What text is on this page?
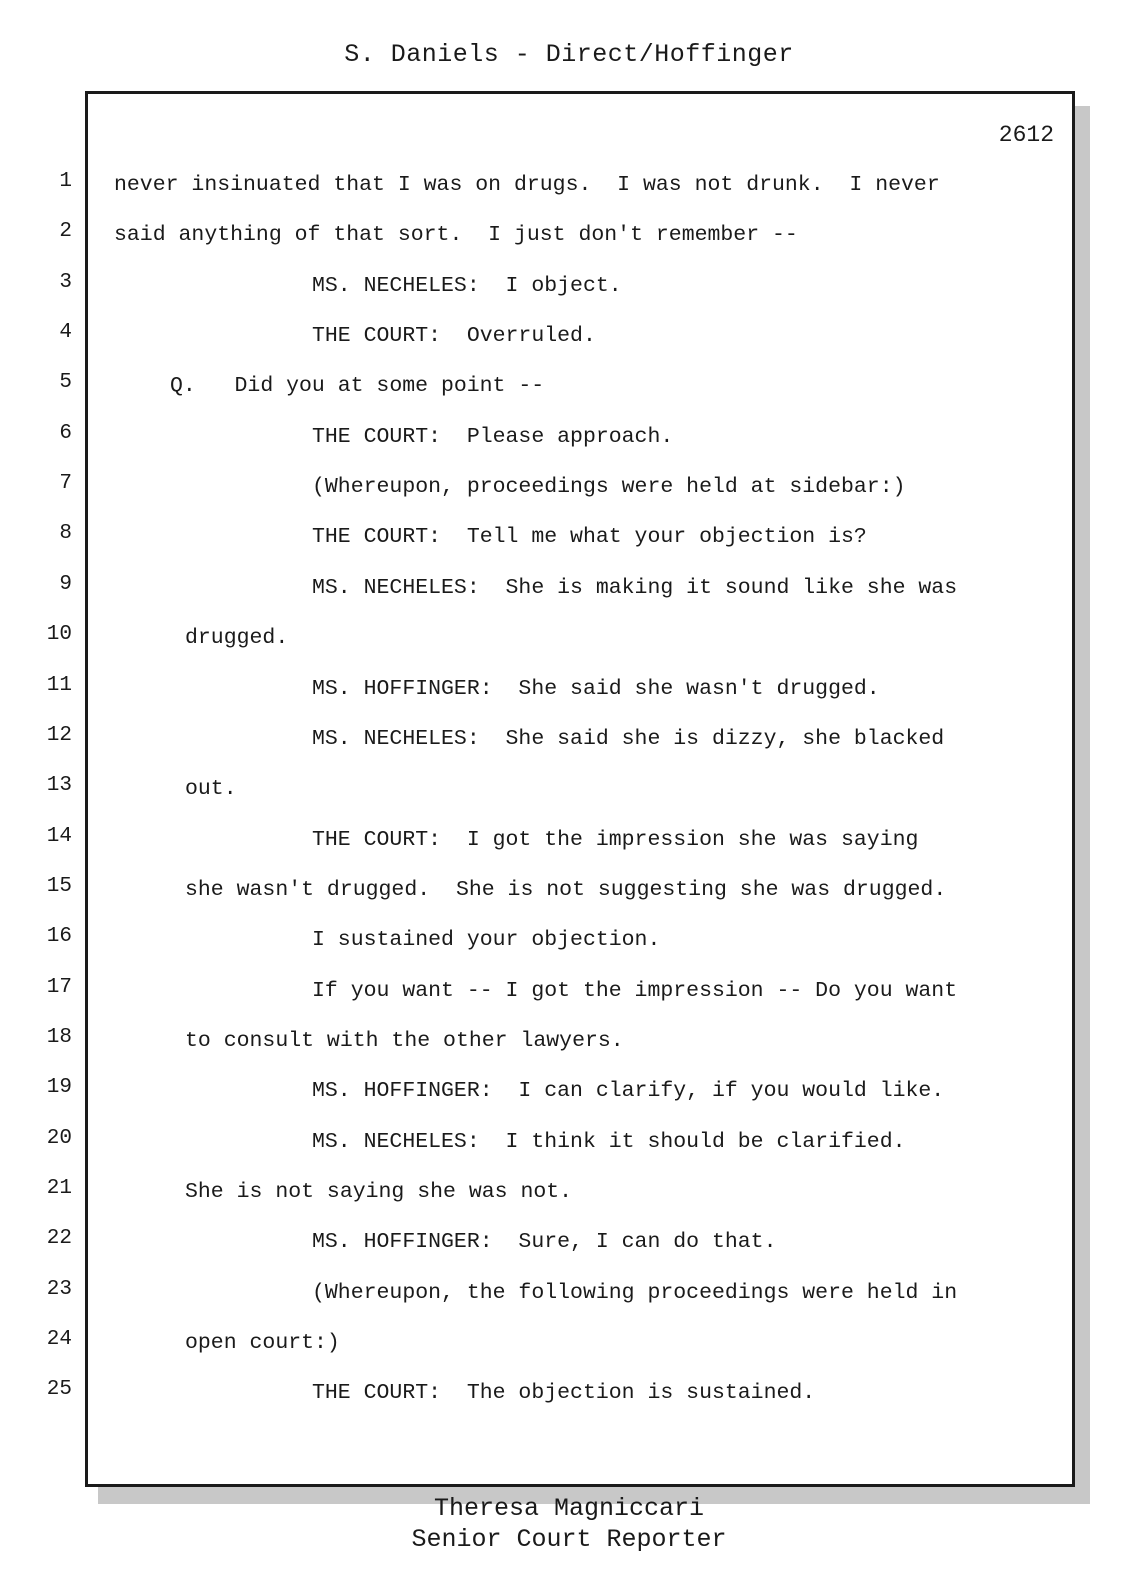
S. Daniels - Direct/Hoffinger
2612
never insinuated that I was on drugs.  I was not drunk.  I never
said anything of that sort.  I just don't remember --
MS. NECHELES:  I object.
THE COURT:  Overruled.
Q.   Did you at some point --
THE COURT:  Please approach.
(Whereupon, proceedings were held at sidebar:)
THE COURT:  Tell me what your objection is?
MS. NECHELES:  She is making it sound like she was
drugged.
MS. HOFFINGER:  She said she wasn't drugged.
MS. NECHELES:  She said she is dizzy, she blacked
out.
THE COURT:  I got the impression she was saying
she wasn't drugged.  She is not suggesting she was drugged.
I sustained your objection.
If you want -- I got the impression -- Do you want
to consult with the other lawyers.
MS. HOFFINGER:  I can clarify, if you would like.
MS. NECHELES:  I think it should be clarified.
She is not saying she was not.
MS. HOFFINGER:  Sure, I can do that.
(Whereupon, the following proceedings were held in
open court:)
THE COURT:  The objection is sustained.
1
2
3
4
5
6
7
8
9
10
11
12
13
14
15
16
17
18
19
20
21
22
23
24
25
Theresa Magniccari
Senior Court Reporter
